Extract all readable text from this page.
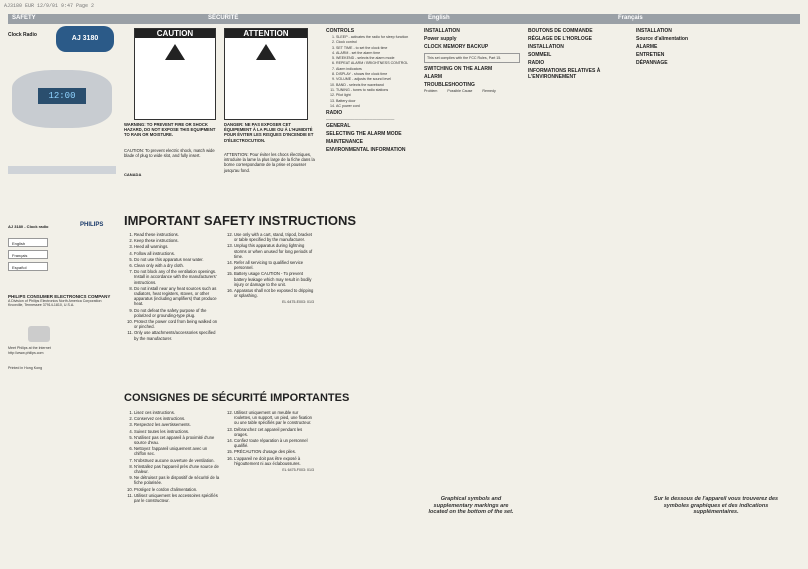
AJ3180 EUR 12/9/01 9:47 Page 2
SAFETY	SÉCURITÉ	English	Français
Clock Radio	AJ 3180
12:00
AJ 3180 - Clock radio	PHILIPS
English
Français
Español
PHILIPS CONSUMER ELECTRONICS COMPANY
A Division of Philips Electronics North America Corporation
Knoxville, Tennessee 37914-1810, U.S.A.
Meet Philips at the Internet
http://www.philips.com
Printed in Hong Kong
CAUTION	ATTENTION
WARNING: TO PREVENT FIRE OR SHOCK HAZARD, DO NOT EXPOSE THIS EQUIPMENT TO RAIN OR MOISTURE.
CAUTION: To prevent electric shock, match wide blade of plug to wide slot, and fully insert.
DANGER: NE PAS EXPOSER CET ÉQUIPEMENT À LA PLUIE OU À L'HUMIDITÉ POUR ÉVITER LES RISQUES D'INCENDIE ET D'ÉLECTROCUTION.
ATTENTION: Pour éviter les chocs électriques, introduire la lame la plus large de la fiche dans la borne correspondante de la prise et pousser jusqu'au fond.
CANADA
IMPORTANT SAFETY INSTRUCTIONS
1. Read these instructions.
2. Keep these instructions.
3. Heed all warnings.
4. Follow all instructions.
5. Do not use this apparatus near water.
6. Clean only with a dry cloth.
7. Do not block any of the ventilation openings. Install in accordance with the manufacturers' instructions.
8. Do not install near any heat sources such as radiators, heat registers, stoves, or other apparatus (including amplifiers) that produce heat.
9. Do not defeat the safety purpose of the polarized or grounding-type plug.
10. Protect the power cord from being walked on or pinched.
11. Only use attachments/accessories specified by the manufacturer.
12. Use only with a cart, stand, tripod, bracket or table specified by the manufacturer.
13. Unplug this apparatus during lightning storms or when unused for long periods of time.
14. Refer all servicing to qualified service personnel.
15. Battery usage CAUTION - To prevent battery leakage which may result in bodily injury or damage to the unit.
16. Apparatus shall not be exposed to dripping or splashing.
EL 6475-E003: 01/3
CONSIGNES DE SÉCURITÉ IMPORTANTES
1. Lisez ces instructions.
2. Conservez ces instructions.
3. Respectez les avertissements.
4. Suivez toutes les instructions.
5. N'utilisez pas cet appareil à proximité d'une source d'eau.
6. Nettoyez l'appareil uniquement avec un chiffon sec.
7. N'obstruez aucune ouverture de ventilation.
8. N'installez pas l'appareil près d'une source de chaleur.
9. Ne détruisez pas le dispositif de sécurité de la fiche polarisée.
10. Protégez le cordon d'alimentation.
11. Utilisez uniquement les accessoires spécifiés par le constructeur.
12. Utilisez uniquement un meuble sur roulettes, un support, un pied, une fixation ou une table spécifiés par le constructeur.
13. Débranchez cet appareil pendant les orages.
14. Confiez toute réparation à un personnel qualifié.
15. PRÉCAUTION d'usage des piles.
16. L'appareil ne doit pas être exposé à l'égouttement ni aux éclaboussures.
EL 6475-F003: 01/3
CONTROLS
1. SLEEP - activates the radio for sleep function
2. Clock control
3. SET TIME - to set the clock time
4. ALARM - set the alarm time
5. WEEKEND - selects the alarm mode
6. REPEAT ALARM / BRIGHTNESS CONTROL
7. Alarm indicators
8. DISPLAY - shows the clock time
9. VOLUME - adjusts the sound level
10. BAND - selects the waveband
11. TUNING - tunes to radio stations
12. Pilot light
13. Battery door
14. AC power cord
RADIO
―――――――――――――――――――
GENERAL
SELECTING THE ALARM MODE
MAINTENANCE
ENVIRONMENTAL INFORMATION
INSTALLATION
Power supply
CLOCK MEMORY BACKUP
This set complies with the FCC Rules, Part 15.
SWITCHING ON THE ALARM
ALARM
TROUBLESHOOTING
Problem	Possible Cause	Remedy
Graphical symbols and supplementary markings are located on the bottom of the set.
BOUTONS DE COMMANDE
RÉGLAGE DE L'HORLOGE
INSTALLATION
SOMMEIL
RADIO
INFORMATIONS RELATIVES À L'ENVIRONNEMENT
INSTALLATION
Source d'alimentation
ALARME
ENTRETIEN
DÉPANNAGE
Sur le dessous de l'appareil vous trouverez des symboles graphiques et des indications supplémentaires.
